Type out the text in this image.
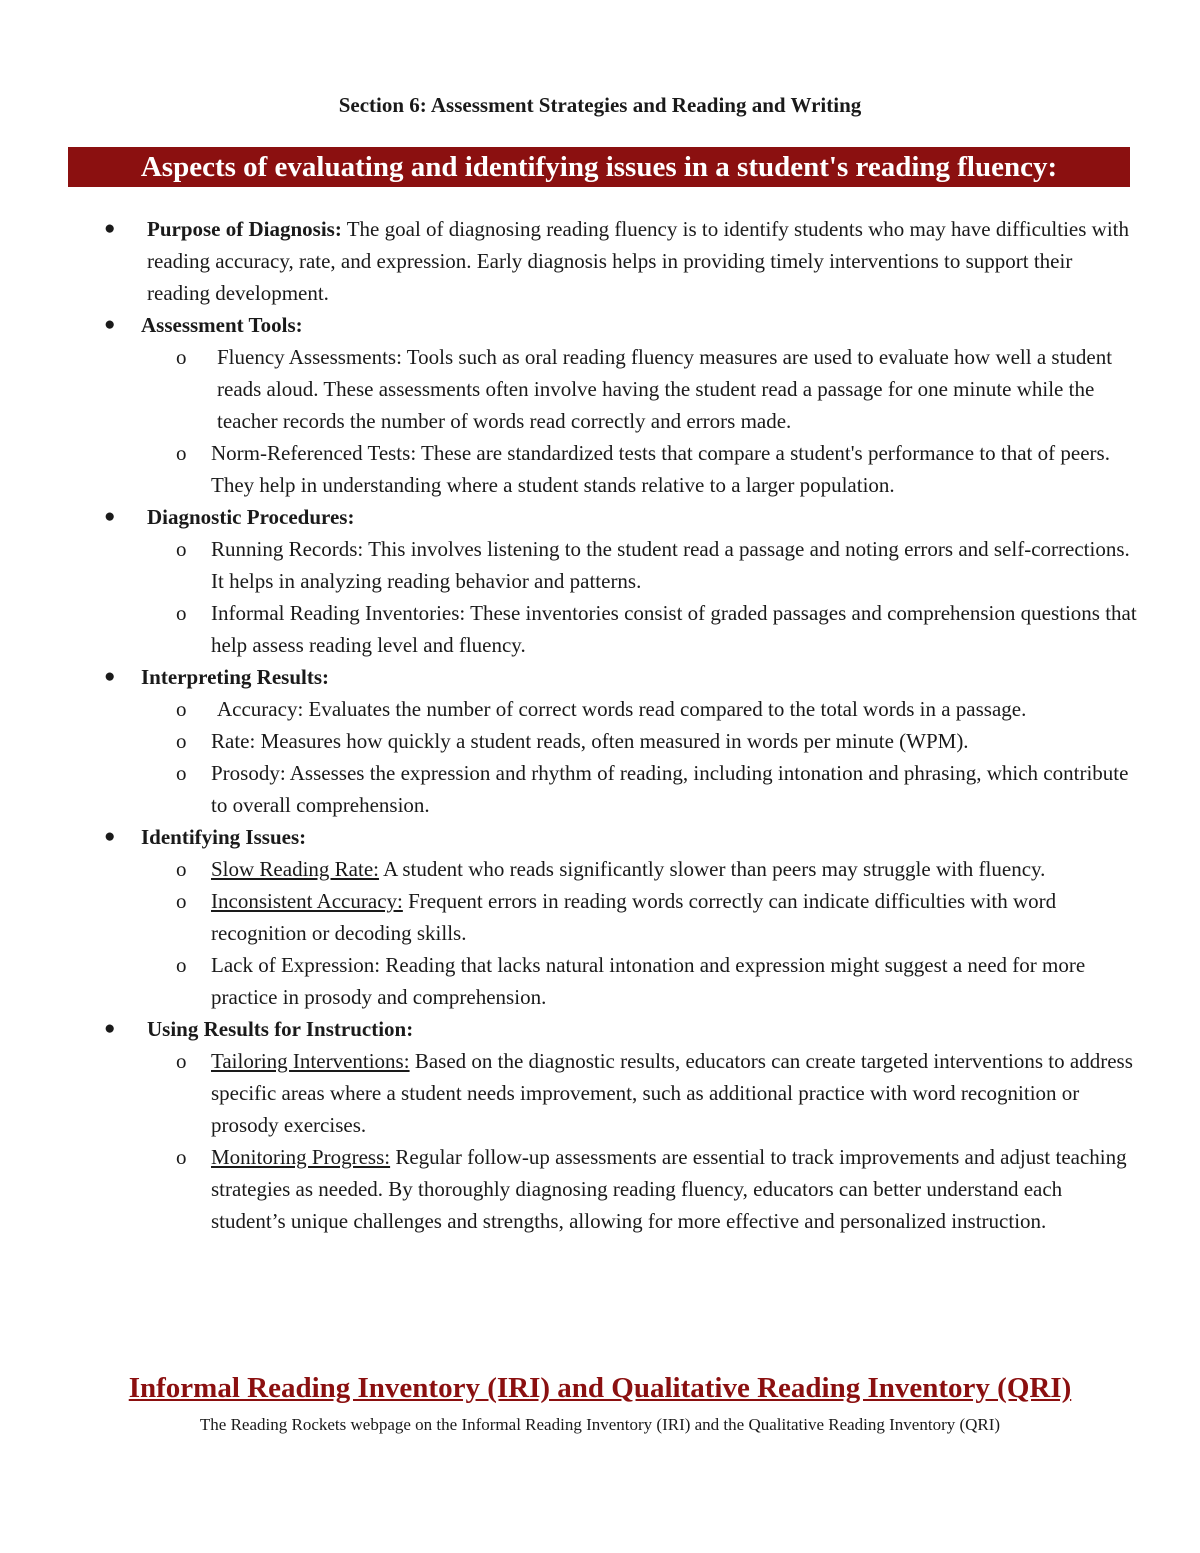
Section 6: Assessment Strategies and Reading and Writing
Aspects of evaluating and identifying issues in a student's reading fluency:
● Purpose of Diagnosis: The goal of diagnosing reading fluency is to identify students who may have difficulties with reading accuracy, rate, and expression. Early diagnosis helps in providing timely interventions to support their reading development.
● Assessment Tools:
o Fluency Assessments: Tools such as oral reading fluency measures are used to evaluate how well a student reads aloud. These assessments often involve having the student read a passage for one minute while the teacher records the number of words read correctly and errors made.
o Norm-Referenced Tests: These are standardized tests that compare a student's performance to that of peers. They help in understanding where a student stands relative to a larger population.
● Diagnostic Procedures:
o Running Records: This involves listening to the student read a passage and noting errors and self-corrections. It helps in analyzing reading behavior and patterns.
o Informal Reading Inventories: These inventories consist of graded passages and comprehension questions that help assess reading level and fluency.
● Interpreting Results:
o Accuracy: Evaluates the number of correct words read compared to the total words in a passage.
o Rate: Measures how quickly a student reads, often measured in words per minute (WPM).
o Prosody: Assesses the expression and rhythm of reading, including intonation and phrasing, which contribute to overall comprehension.
● Identifying Issues:
o Slow Reading Rate: A student who reads significantly slower than peers may struggle with fluency.
o Inconsistent Accuracy: Frequent errors in reading words correctly can indicate difficulties with word recognition or decoding skills.
o Lack of Expression: Reading that lacks natural intonation and expression might suggest a need for more practice in prosody and comprehension.
● Using Results for Instruction:
o Tailoring Interventions: Based on the diagnostic results, educators can create targeted interventions to address specific areas where a student needs improvement, such as additional practice with word recognition or prosody exercises.
o Monitoring Progress: Regular follow-up assessments are essential to track improvements and adjust teaching strategies as needed. By thoroughly diagnosing reading fluency, educators can better understand each student’s unique challenges and strengths, allowing for more effective and personalized instruction.
Informal Reading Inventory (IRI) and Qualitative Reading Inventory (QRI)
The Reading Rockets webpage on the Informal Reading Inventory (IRI) and the Qualitative Reading Inventory (QRI)
